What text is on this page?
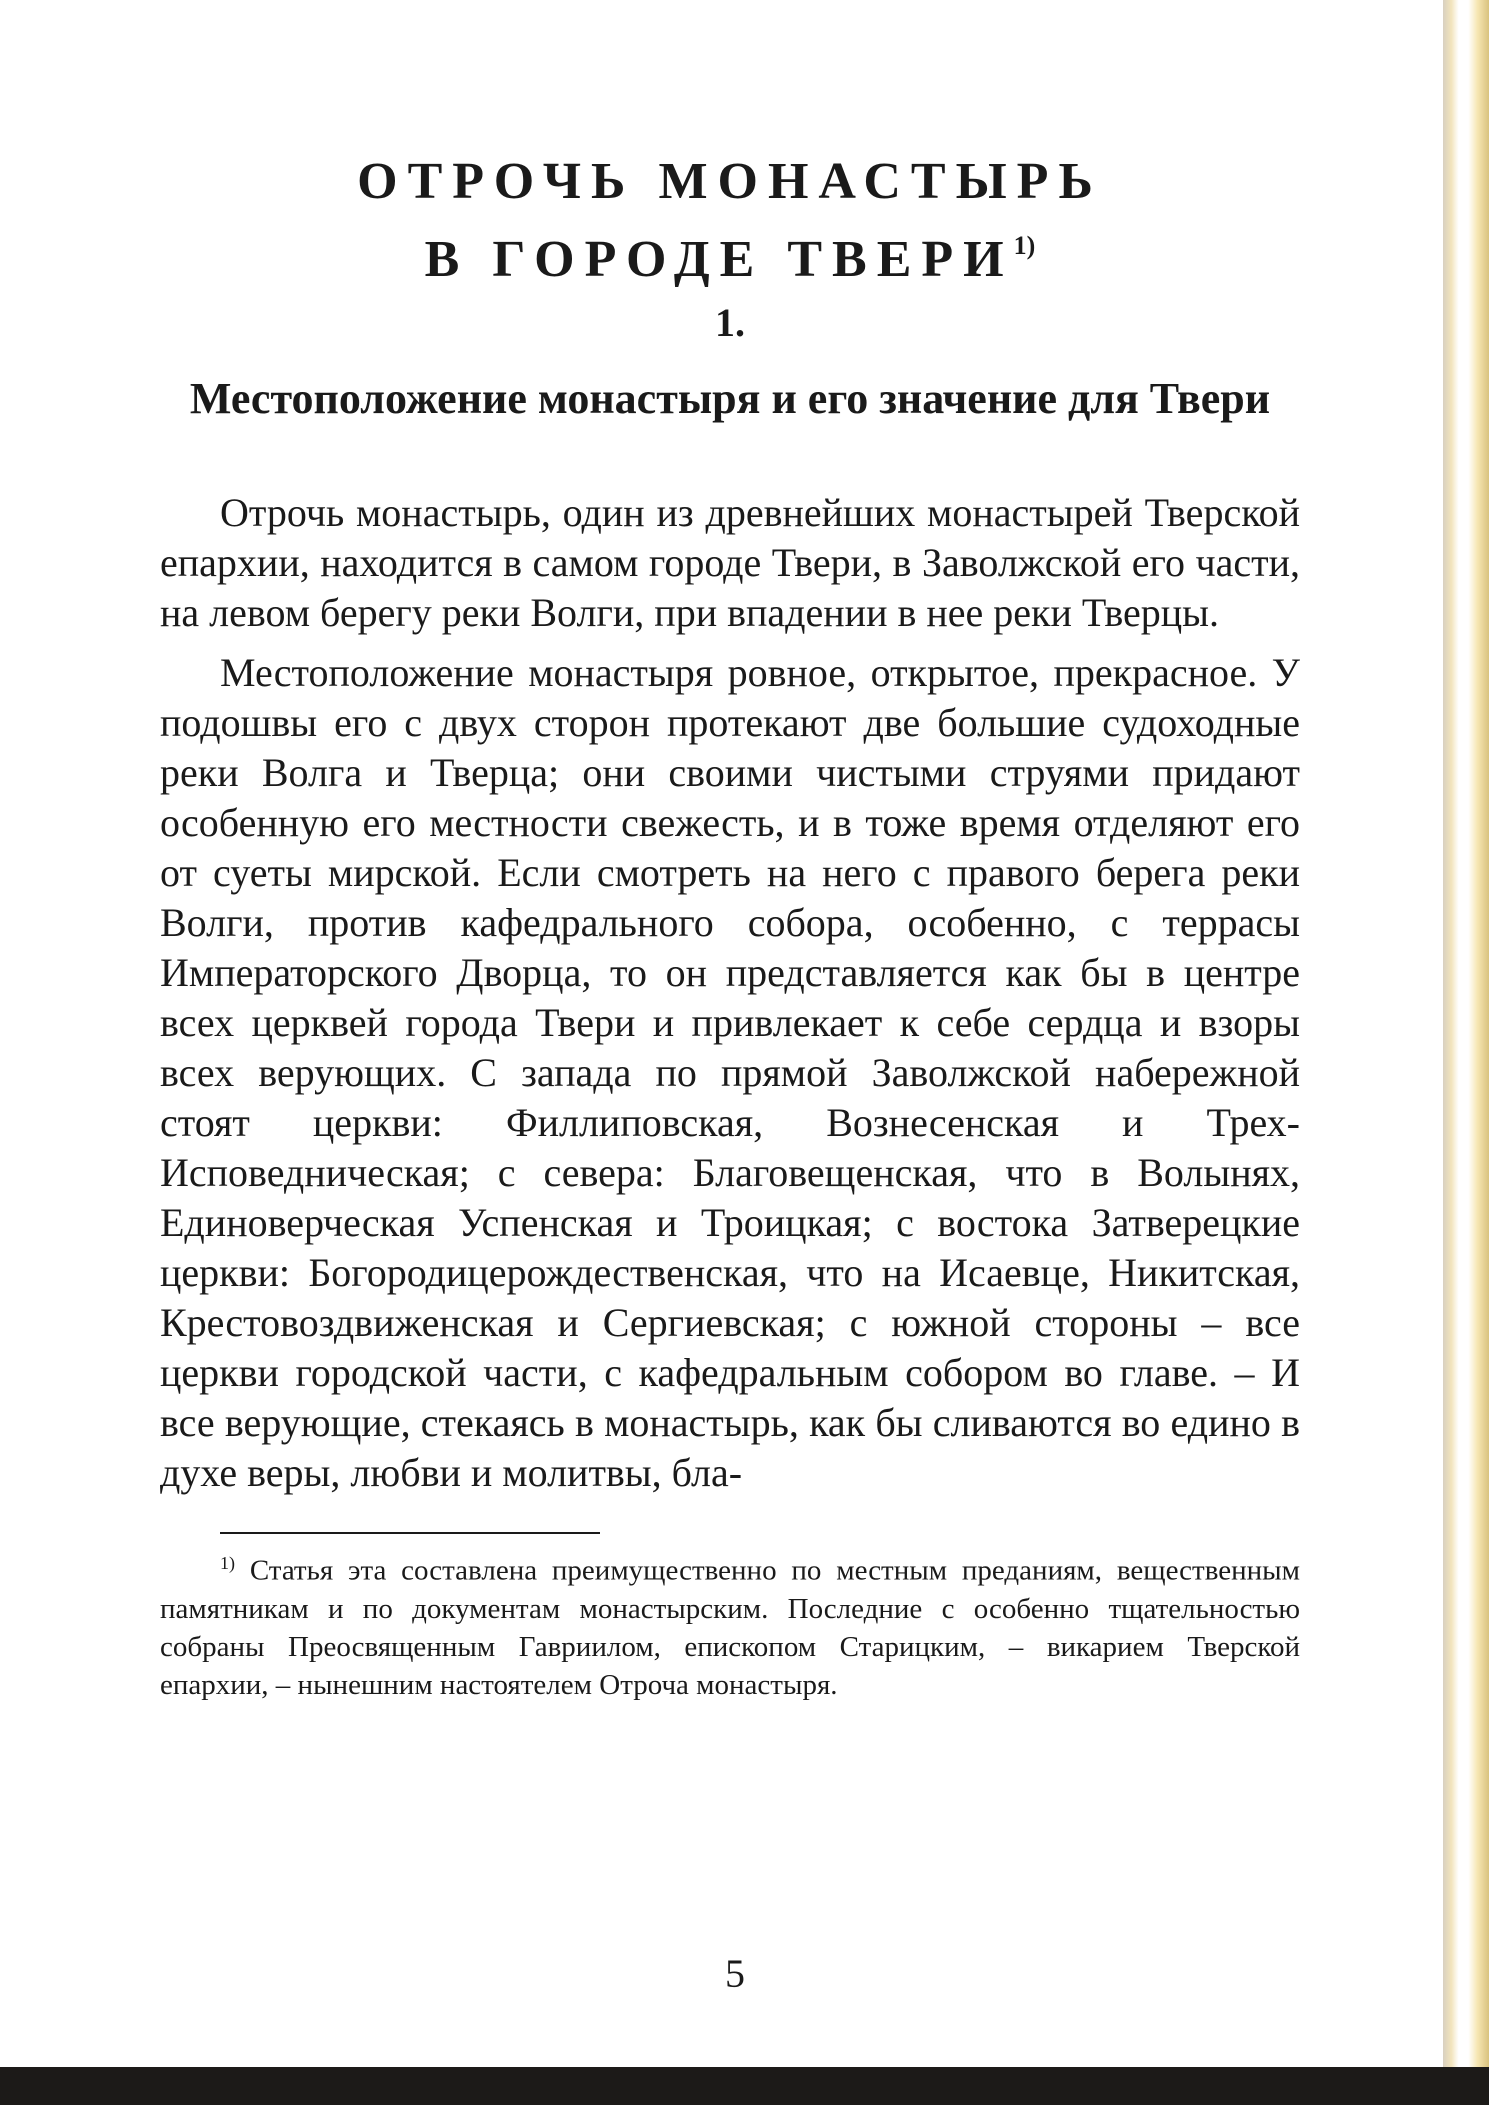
ОТРОЧЬ МОНАСТЫРЬ
В ГОРОДЕ ТВЕРИ$^{1)}$
1.
Местоположение монастыря и его значение для Твери

Отрочь монастырь, один из древнейших монастырей Тверской епархии, находится в самом городе Твери, в Заволжской его части, на левом берегу реки Волги, при впадении в нее реки Тверцы.

Местоположение монастыря ровное, открытое, прекрасное. У подошвы его с двух сторон протекают две большие судоходные реки Волга и Тверца; они своими чистыми струями придают особенную его местности свежесть, и в тоже время отделяют его от суеты мирской. Если смотреть на него с правого берега реки Волги, против кафедрального собора, особенно, с террасы Императорского Дворца, то он представляется как бы в центре всех церквей города Твери и привлекает к себе сердца и взоры всех верующих. С запада по прямой Заволжской набережной стоят церкви: Филлиповская, Вознесенская и Трех-Исповедническая; с севера: Благовещенская, что в Волынях, Единоверческая Успенская и Троицкая; с востока Затверецкие церкви: Богородицерождественская, что на Исаевце, Никитская, Крестовоздвиженская и Сергиевская; с южной стороны – все церкви городской части, с кафедральным собором во главе. – И все верующие, стекаясь в монастырь, как бы сливаются во едино в духе веры, любви и молитвы, бла-

$^{1)}$ Статья эта составлена преимущественно по местным преданиям, вещественным памятникам и по документам монастырским. Последние с особенно тщательностью собраны Преосвященным Гавриилом, епископом Старицким, – викарием Тверской епархии, – нынешним настоятелем Отроча монастыря.

5
